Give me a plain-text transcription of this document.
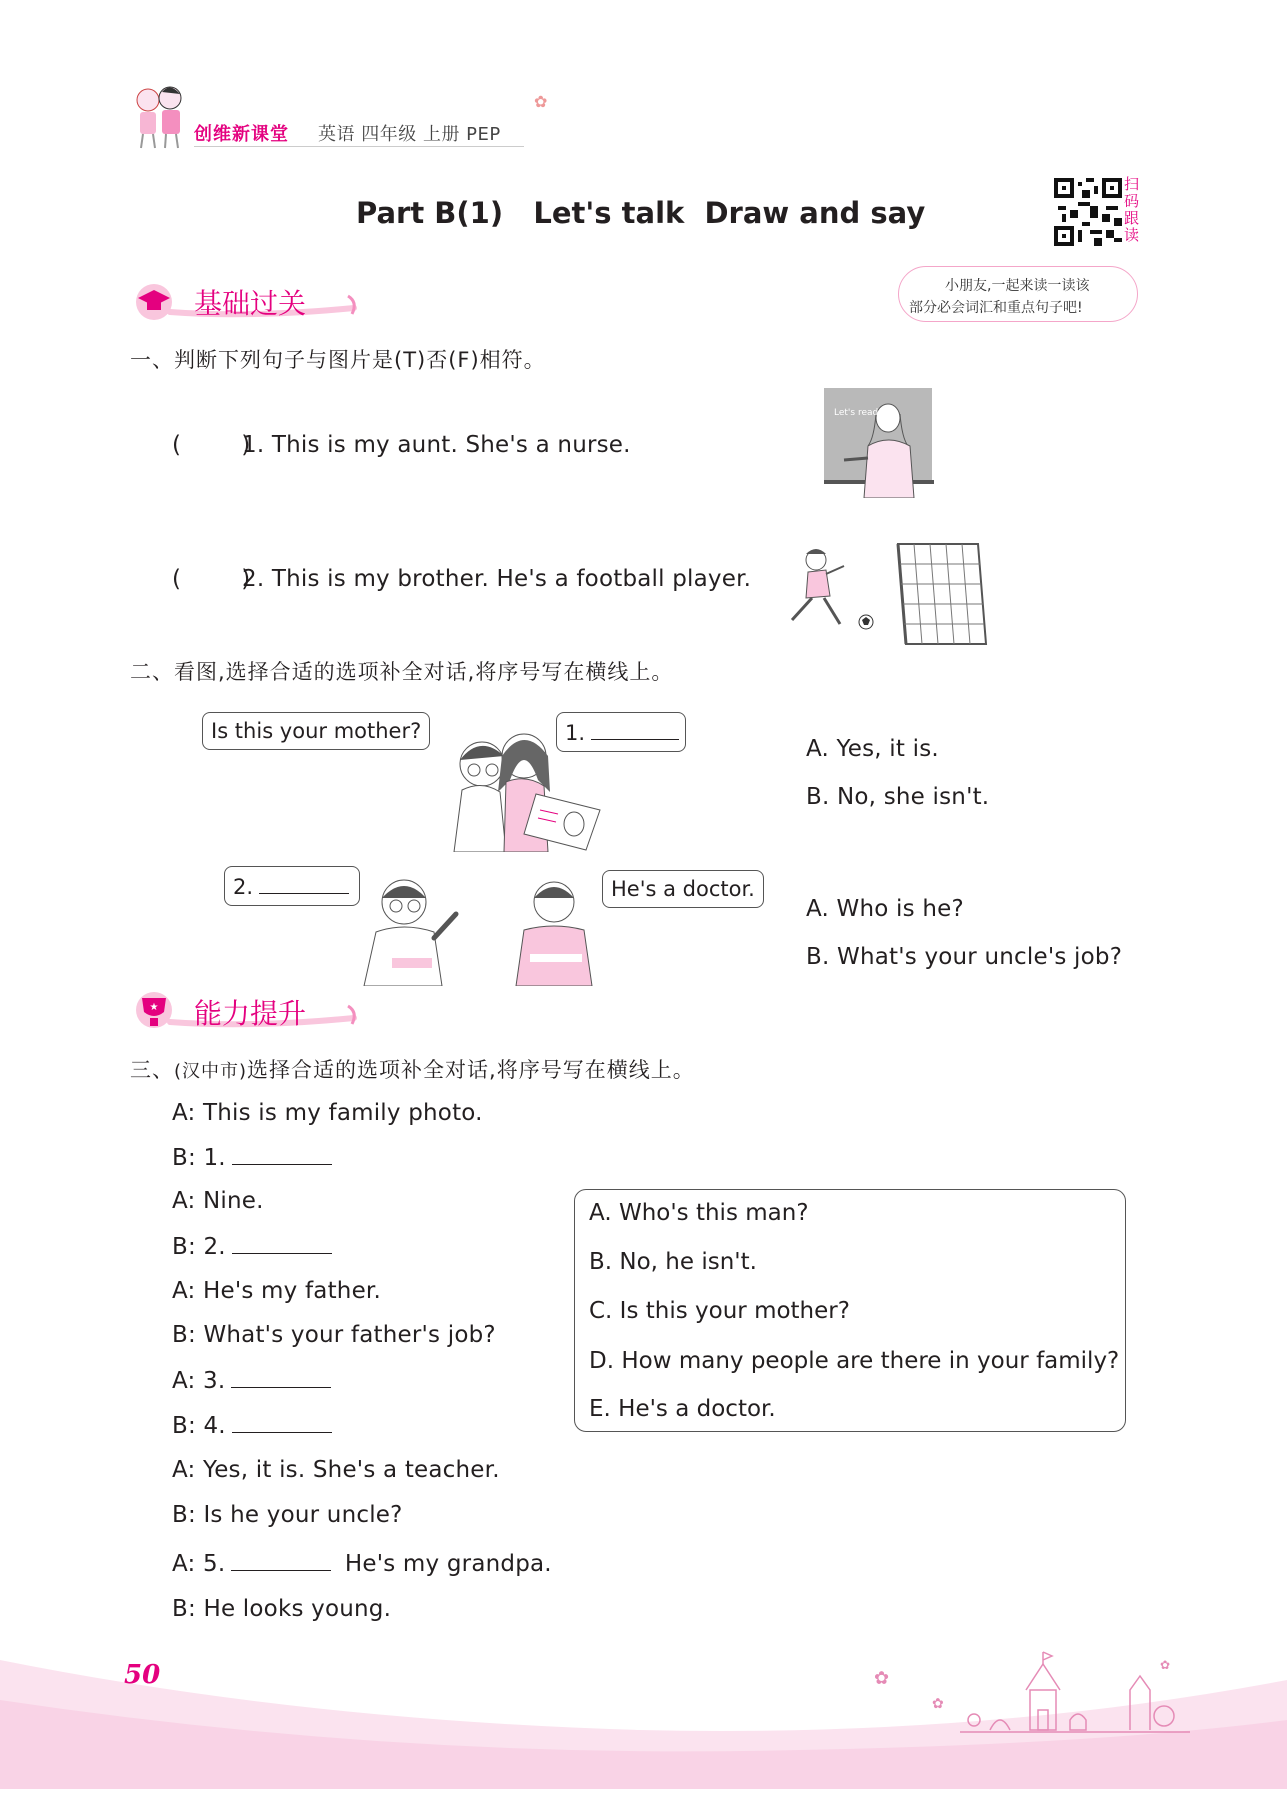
创维新课堂 英语 四年级 上册 PEP
✿
Part B(1)   Let's talk  Draw and say
扫码跟读
小朋友,一起来读一读该
部分必会词汇和重点句子吧!
基础过关
一、判断下列句子与图片是(T)否(F)相符。
(        )
1. This is my aunt. She's a nurse.
Let's read
(        )
2. This is my brother. He's a football player.
二、看图,选择合适的选项补全对话,将序号写在横线上。
Is this your mother?	1.
A. Yes, it is.
B. No, she isn't.
2.	He's a doctor.
A. Who is he?
B. What's your uncle's job?
★ 能力提升
三、(汉中市)选择合适的选项补全对话,将序号写在横线上。
A: This is my family photo.
B: 1.
A: Nine.
B: 2.
A: He's my father.
B: What's your father's job?
A: 3.
B: 4.
A: Yes, it is. She's a teacher.
B: Is he your uncle?
A: 5.	He's my grandpa.
B: He looks young.
A. Who's this man?
B. No, he isn't.
C. Is this your mother?
D. How many people are there in your family?
E. He's a doctor.
50	✿
✿
✿
